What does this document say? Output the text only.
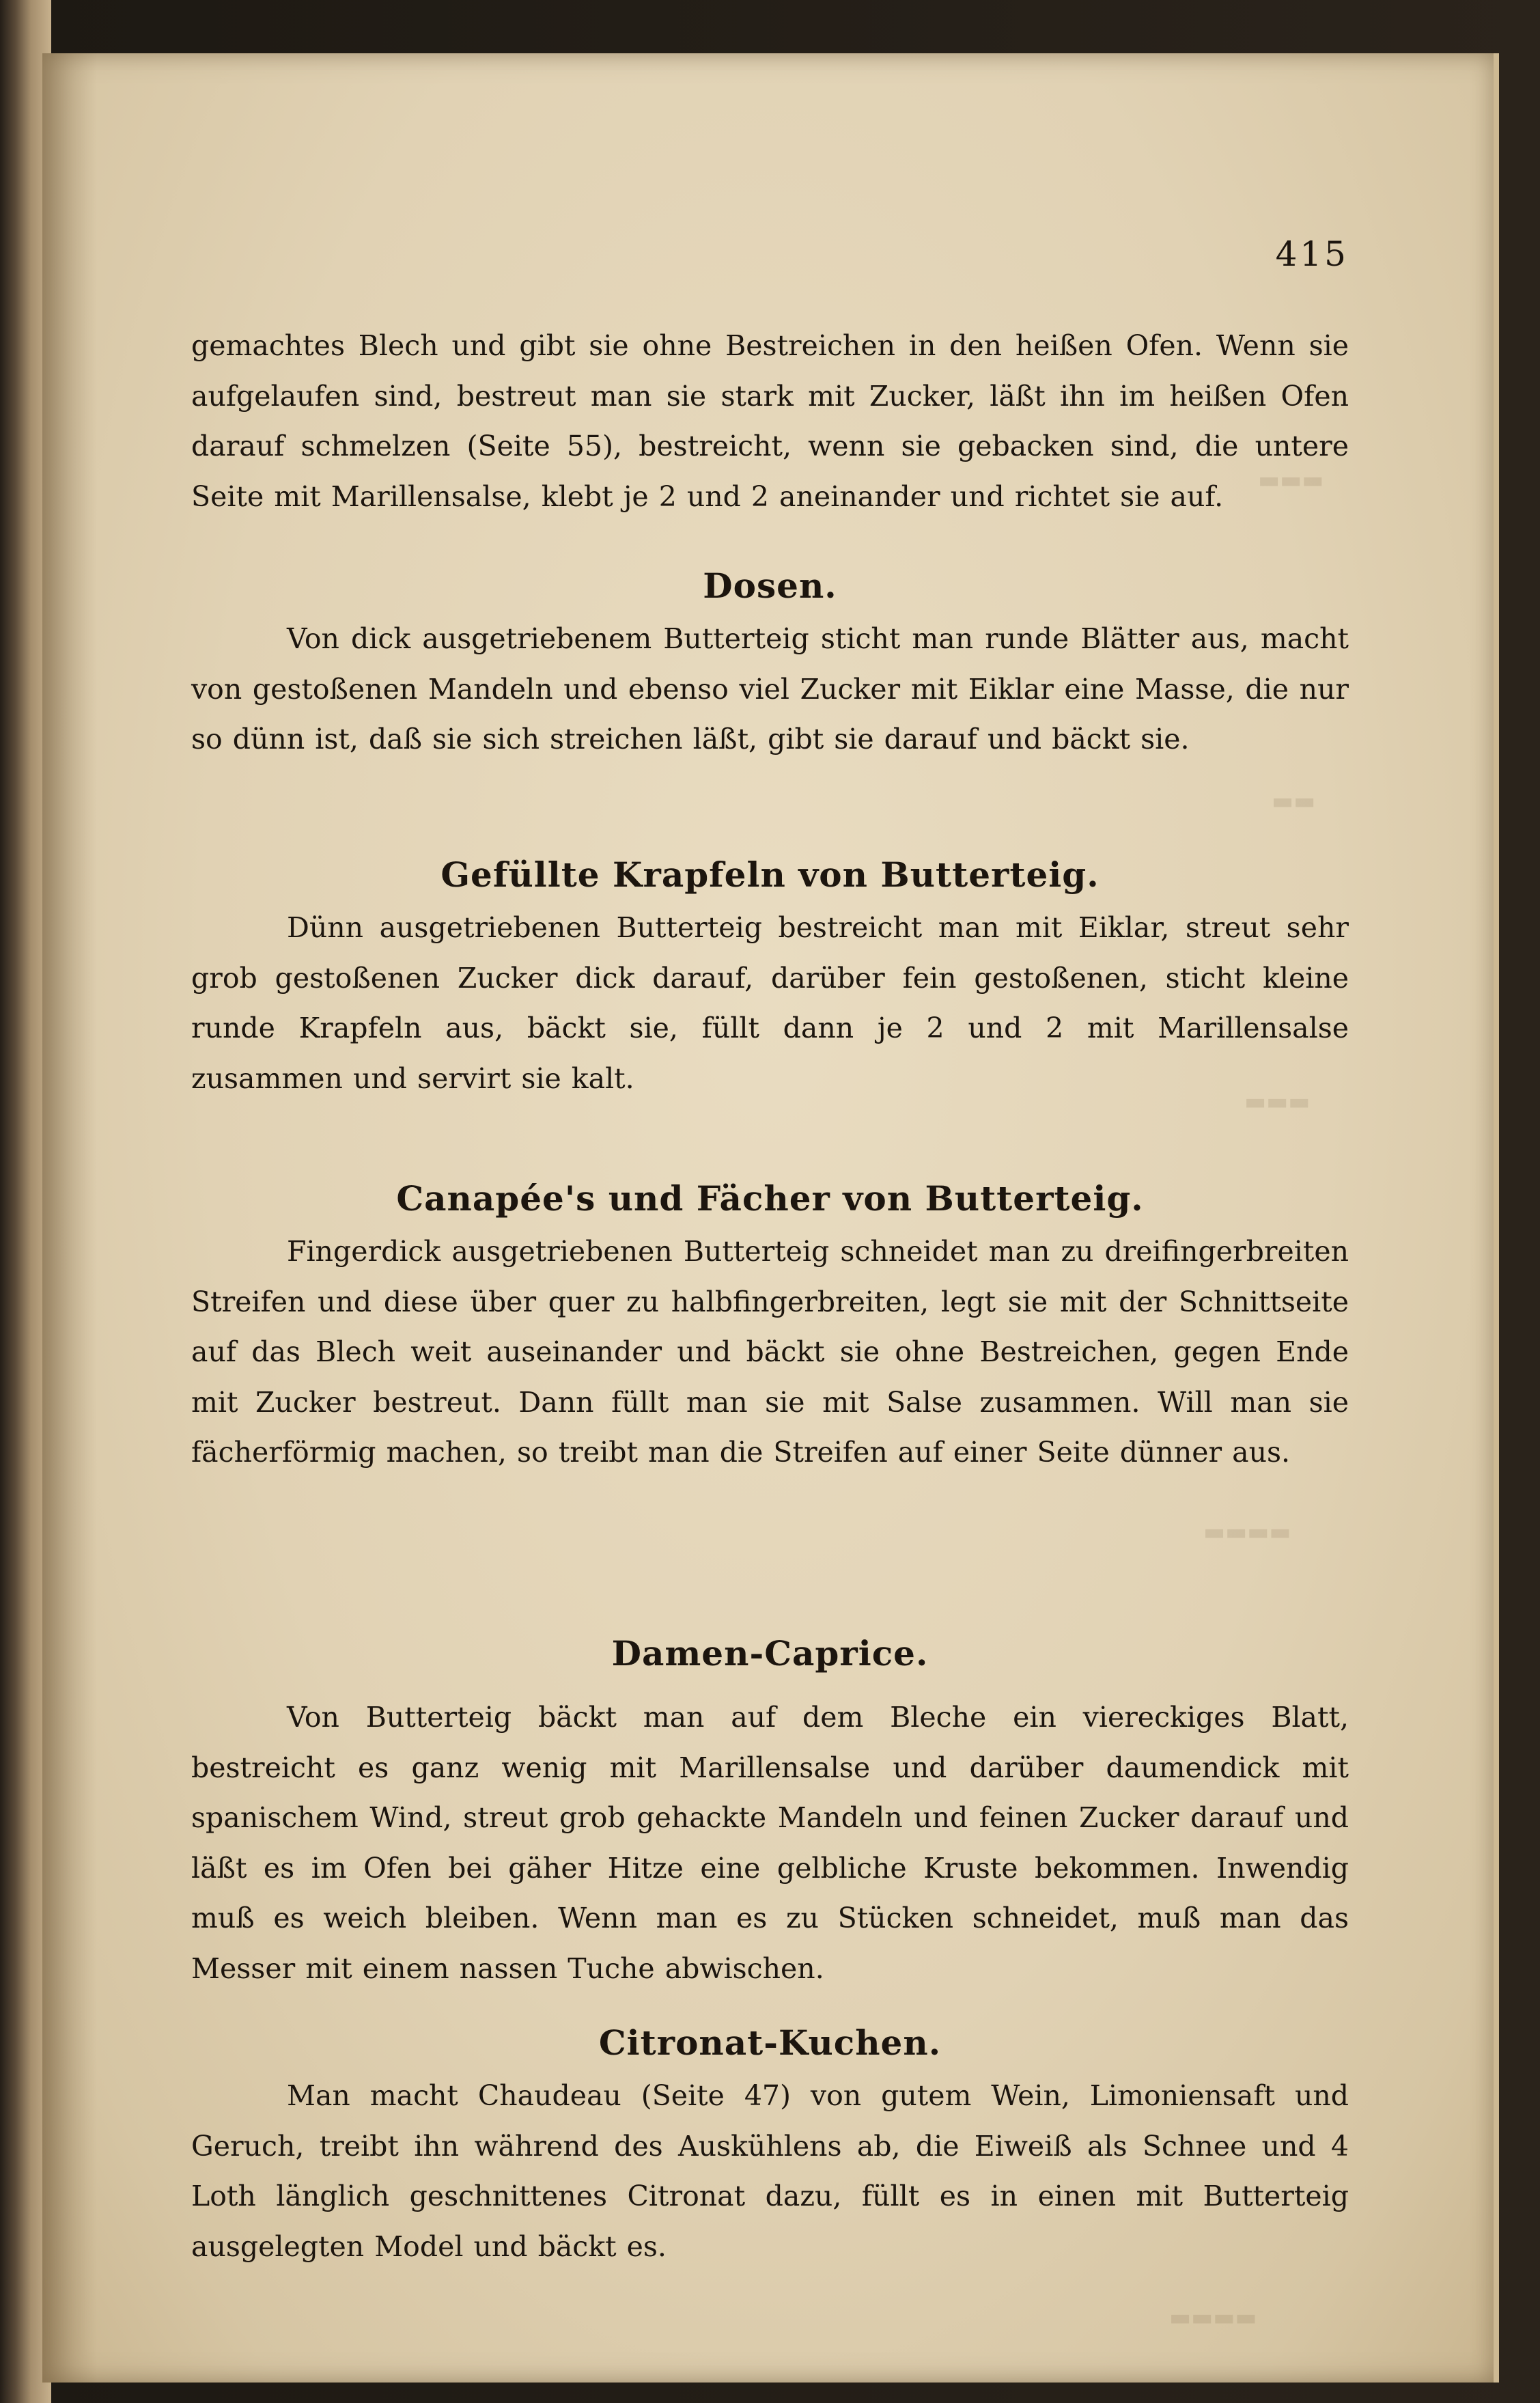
▬▬▬
▬▬
▬▬▬
▬▬▬▬
▬▬▬▬

415

gemachtes Blech und gibt sie ohne Bestreichen in den heißen Ofen. Wenn sie aufgelaufen sind, bestreut man sie stark mit Zucker, läßt ihn im heißen Ofen darauf schmelzen (Seite 55), bestreicht, wenn sie gebacken sind, die untere Seite mit Marillensalse, klebt je 2 und 2 aneinander und richtet sie auf.

Dosen.

Von dick ausgetriebenem Butterteig sticht man runde Blätter aus, macht von gestoßenen Mandeln und ebenso viel Zucker mit Eiklar eine Masse, die nur so dünn ist, daß sie sich streichen läßt, gibt sie darauf und bäckt sie.

Gefüllte Krapfeln von Butterteig.

Dünn ausgetriebenen Butterteig bestreicht man mit Eiklar, streut sehr grob gestoßenen Zucker dick darauf, darüber fein gestoßenen, sticht kleine runde Krapfeln aus, bäckt sie, füllt dann je 2 und 2 mit Marillensalse zusammen und servirt sie kalt.

Canapée's und Fächer von Butterteig.

Fingerdick ausgetriebenen Butterteig schneidet man zu dreifingerbreiten Streifen und diese über quer zu halbfingerbreiten, legt sie mit der Schnittseite auf das Blech weit auseinander und bäckt sie ohne Bestreichen, gegen Ende mit Zucker bestreut. Dann füllt man sie mit Salse zusammen. Will man sie fächerförmig machen, so treibt man die Streifen auf einer Seite dünner aus.

Damen-Caprice.

Von Butterteig bäckt man auf dem Bleche ein viereckiges Blatt, bestreicht es ganz wenig mit Marillensalse und darüber daumendick mit spanischem Wind, streut grob gehackte Mandeln und feinen Zucker darauf und läßt es im Ofen bei gäher Hitze eine gelbliche Kruste bekommen. Inwendig muß es weich bleiben. Wenn man es zu Stücken schneidet, muß man das Messer mit einem nassen Tuche abwischen.

Citronat-Kuchen.

Man macht Chaudeau (Seite 47) von gutem Wein, Limoniensaft und Geruch, treibt ihn während des Auskühlens ab, die Eiweiß als Schnee und 4 Loth länglich geschnittenes Citronat dazu, füllt es in einen mit Butterteig ausgelegten Model und bäckt es.
